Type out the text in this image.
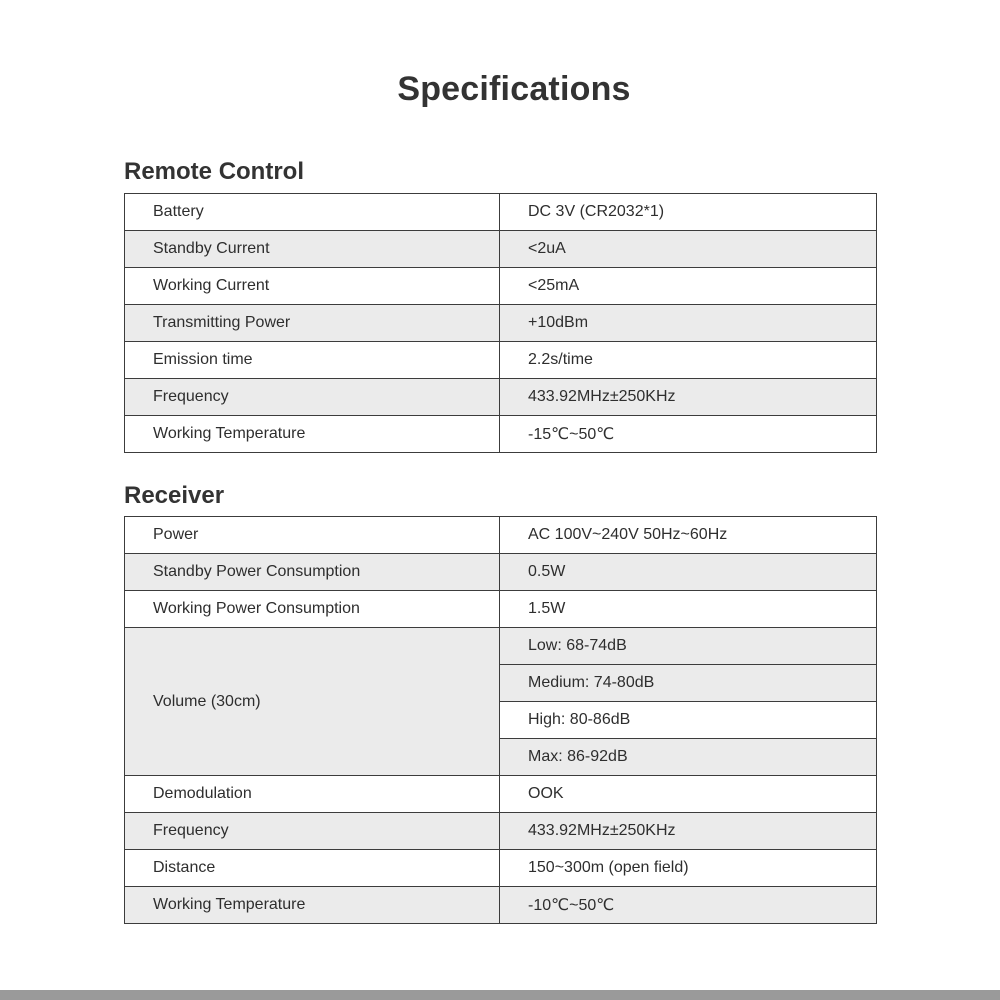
Specifications
Remote Control
Battery	DC 3V (CR2032*1)
Standby Current	<2uA
Working Current	<25mA
Transmitting Power	+10dBm
Emission time	2.2s/time
Frequency	433.92MHz±250KHz
Working Temperature	-15℃~50℃
Receiver
Power	AC 100V~240V 50Hz~60Hz
Standby Power Consumption	0.5W
Working Power Consumption	1.5W
Volume (30cm)	Low: 68-74dB
	Medium: 74-80dB
	High: 80-86dB
	Max: 86-92dB
Demodulation	OOK
Frequency	433.92MHz±250KHz
Distance	150~300m (open field)
Working Temperature	-10℃~50℃
